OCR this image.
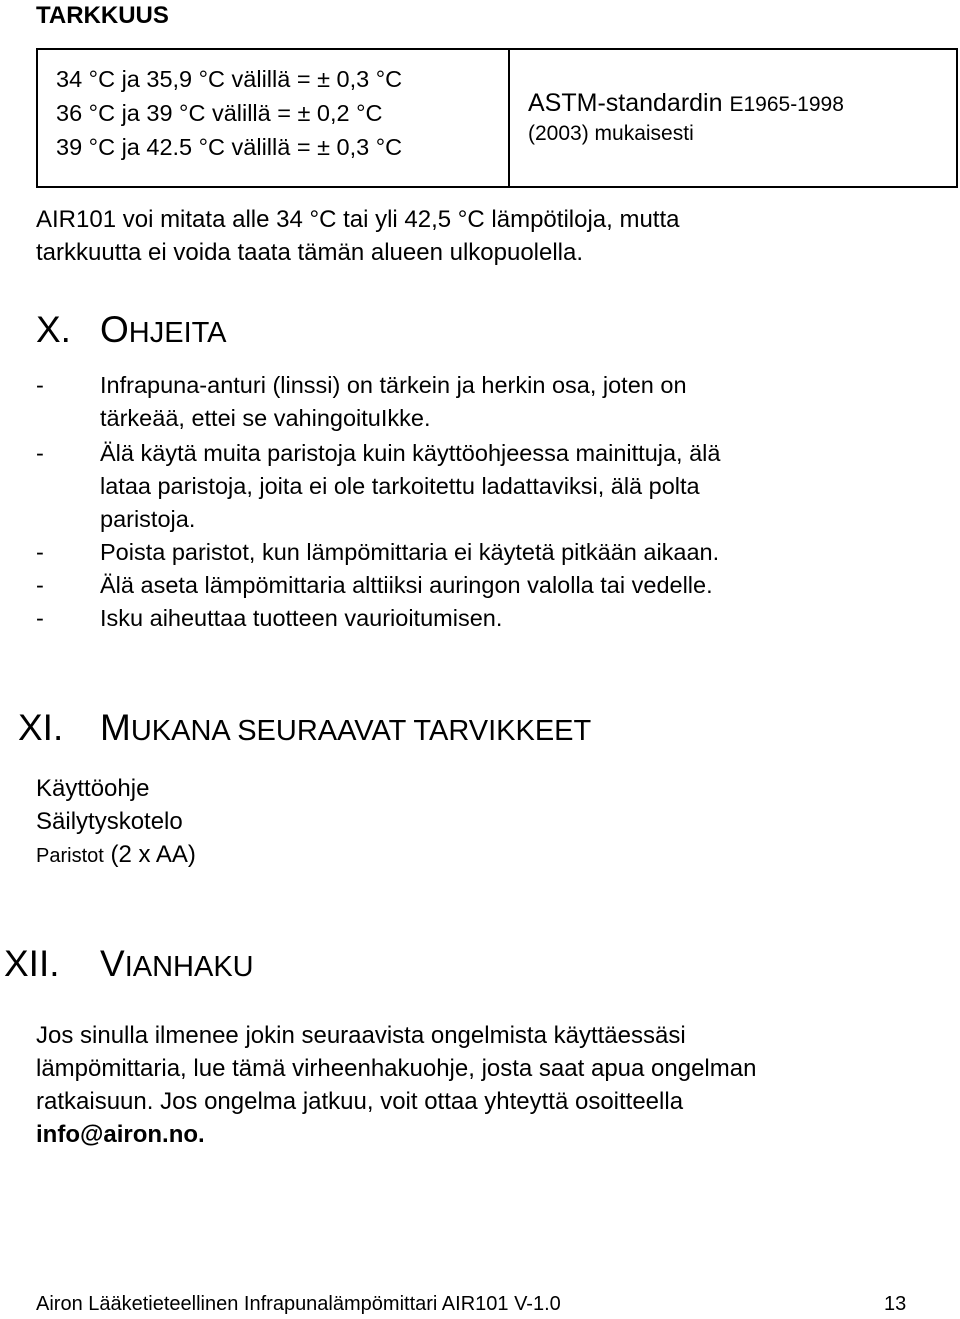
TARKKUUS
34 °C ja 35,9 °C välillä = ± 0,3 °C
36 °C ja 39 °C välillä = ± 0,2 °C
39 °C ja 42.5 °C välillä = ± 0,3 °C

ASTM-standardin E1965-1998
(2003) mukaisesti
AIR101 voi mitata alle 34 °C tai yli 42,5 °C lämpötiloja, mutta
tarkkuutta ei voida taata tämän alueen ulkopuolella.
X. OHJEITA
- Infrapuna-anturi (linssi) on tärkein ja herkin osa, joten on
tärkeää, ettei se vahingoituIkke.
- Älä käytä muita paristoja kuin käyttöohjeessa mainittuja, älä
lataa paristoja, joita ei ole tarkoitettu ladattaviksi, älä polta
paristoja.
- Poista paristot, kun lämpömittaria ei käytetä pitkään aikaan.
- Älä aseta lämpömittaria alttiiksi auringon valolla tai vedelle.
- Isku aiheuttaa tuotteen vaurioitumisen.
XI. MUKANA SEURAAVAT TARVIKKEET
Käyttöohje
Säilytyskotelo
Paristot (2 x AA)
XII. VIANHAKU
Jos sinulla ilmenee jokin seuraavista ongelmista käyttäessäsi
lämpömittaria, lue tämä virheenhakuohje, josta saat apua ongelman
ratkaisuun. Jos ongelma jatkuu, voit ottaa yhteyttä osoitteella
info@airon.no.
Airon Lääketieteellinen Infrapunalämpömittari AIR101 V-1.0	13
